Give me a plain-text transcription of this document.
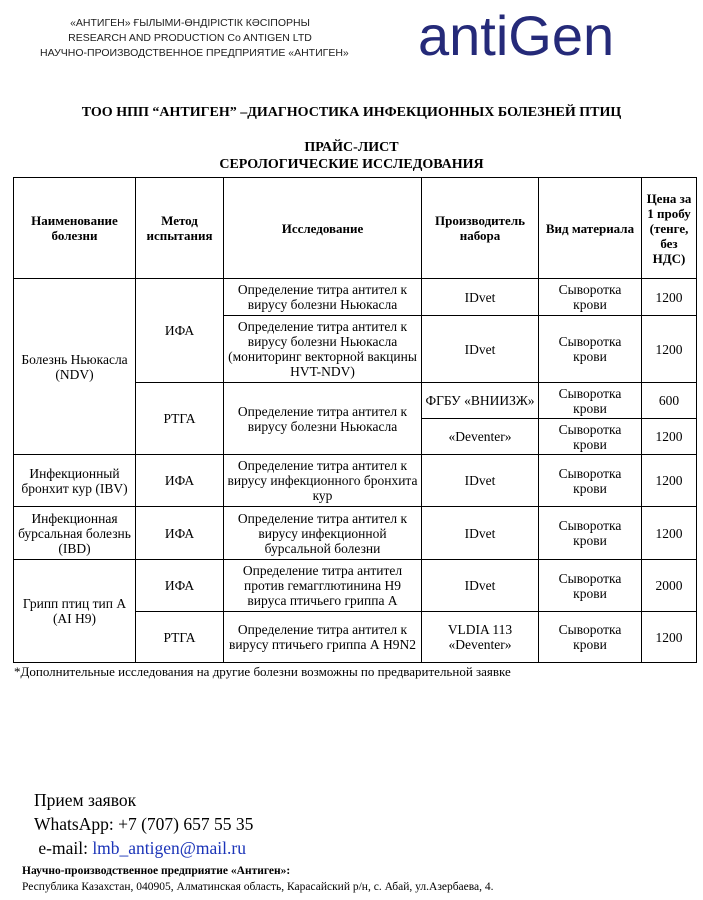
«АНТИГЕН» ҒЫЛЫМИ-ӨНДІРІСТІК КӘСІПОРНЫ
RESEARCH AND PRODUCTION Co ANTIGEN LTD
НАУЧНО-ПРОИЗВОДСТВЕННОЕ ПРЕДПРИЯТИЕ «АНТИГЕН» antiGen
ТОО НПП “АНТИГЕН” –ДИАГНОСТИКА ИНФЕКЦИОННЫХ БОЛЕЗНЕЙ ПТИЦ
ПРАЙС-ЛИСТ
СЕРОЛОГИЧЕСКИЕ ИССЛЕДОВАНИЯ
Наименование болезни	Метод испытания	Исследование	Производитель набора	Вид материала	Цена за 1 пробу (тенге, без НДС)
Болезнь Ньюкасла (NDV)	ИФА	Определение титра антител к вирусу болезни Ньюкасла	IDvet	Сыворотка крови	1200
		Определение титра антител к вирусу болезни Ньюкасла (мониторинг векторной вакцины HVT-NDV)	IDvet	Сыворотка крови	1200
	РТГА	Определение титра антител к вирусу болезни Ньюкасла	ФГБУ «ВНИИЗЖ»	Сыворотка крови	600
			«Deventer»	Сыворотка крови	1200
Инфекционный бронхит кур (IBV)	ИФА	Определение титра антител к вирусу инфекционного бронхита кур	IDvet	Сыворотка крови	1200
Инфекционная бурсальная болезнь (IBD)	ИФА	Определение титра антител к вирусу инфекционной бурсальной болезни	IDvet	Сыворотка крови	1200
Грипп птиц тип А (AI H9)	ИФА	Определение титра антител против гемагглютинина H9 вируса птичьего гриппа А	IDvet	Сыворотка крови	2000
	РТГА	Определение титра антител к вирусу птичьего гриппа А H9N2	VLDIA 113 «Deventer»	Сыворотка крови	1200
*Дополнительные исследования на другие болезни возможны по предварительной заявке
Прием заявок
WhatsApp: +7 (707) 657 55 35
e-mail: lmb_antigen@mail.ru
Научно-производственное предприятие «Антиген»:
Республика Казахстан, 040905, Алматинская область, Карасайский р/н, с. Абай, ул.Азербаева, 4.
